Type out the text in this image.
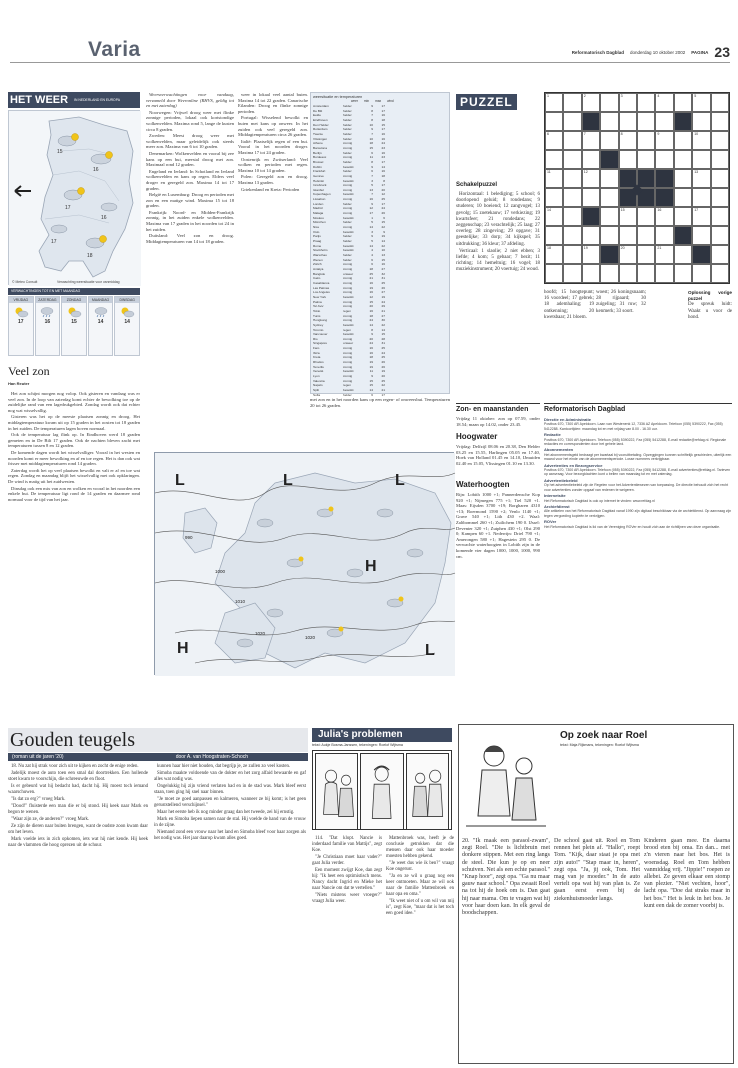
Varia	Reformatorisch Dagblad donderdag 10 oktober 2002 PAGINA 23
HET WEER IN NEDERLAND EN EUROPA
15
16
17
16
17
18
© Meteo Consult	Verwachting weersituatie voor vanmiddag
VERWACHTINGEN TOT EN MET MAANDAG
VRIJDAG
17
ZATERDAG
16
ZONDAG
15
MAANDAG
14
DINSDAG
14
Veel zon
Han Reuter

Het zon schijnt morgen nog volop. Ook gisteren en vandaag was er veel zon. In de loop van zaterdag komt echter de bewolking toe op de zuidelijke rand van een lagedrukgebied. Zondag wordt ook dat echter nog wat wisselvallig.

Gisteren was het op de meeste plaatsen zonnig en droog. Het middagtemperatuur kwam uit op 15 graden in het oosten tot 18 graden in het zuiden. De temperaturen lagen boven normaal.

Ook de temperatuur lag flink op. In Eindhoven werd 18 graden gemeten en in De Bilt 17 graden. Ook de nachten bleven zacht met temperaturen tussen 8 en 12 graden.

De komende dagen wordt het wisselvalliger. Vooral in het westen en noorden komt er meer bewolking en af en toe regen. Het is dan ook wat frisser met middagtemperaturen rond 14 graden.

Zaterdag wordt het op veel plaatsen bewolkt en valt er af en toe wat regen. Zondag en maandag blijft het wisselvallig met ook opklaringen. De wind is matig uit het zuidwesten.

Dinsdag ook een mix van zon en wolken en vooral in het noorden een enkele bui. De temperatuur ligt rond de 14 graden en daarmee rond normaal voor de tijd van het jaar.

Weersverwachtingen voor vandaag, verzameld door Weeronline (RHVS, geldig tot en met zaterdag)

Noorwegen: Vrijwel droog weer met flinke zonnige perioden, lokaal ook kortstondige wolkenvelden. Maxima rond 5, lange de kusten circa 8 graden.

Zweden: Meest droog weer met wolkenvelden, maar geleidelijk ook steeds meer zon. Maxima van 6 tot 10 graden.

Denemarken: Wolkenvelden en vooral bij zee kans op een bui, meestal droog met zon. Maximaal rond 12 graden.

Engeland en Ierland: In Schotland en Ierland wolkenvelden en kans op regen. Elders veel droger en geregeld zon. Maxima 14 tot 17 graden.

België en Luxemburg: Droog en perioden met zon en een matige wind. Maxima 15 tot 18 graden.

Frankrijk: Noord- en Midden-Frankrijk zonnig, in het zuiden enkele wolkenvelden. Maxima van 17 graden in het noorden tot 24 in het zuiden.

Duitsland: Veel zon en droog. Middagtemperaturen van 14 tot 18 graden.

weer in lokaal veel aantal buien. Maxima 14 tot 22 graden. Canarische Eilanden: Droog en flinke zonnige perioden.

Portugal: Wisselend bewolkt en buien met kans op onweer. In het zuiden ook veel geregeld zon. Middagtemperaturen circa 26 graden.

Italië: Plaatselijk regen of een bui. Vooral in het noorden droger. Maxima 17 tot 24 graden.

Oostenrijk en Zwitserland: Veel wolken en perioden met regen. Maxima 10 tot 14 graden.

Polen: Geregeld zon en droog. Maxima 13 graden.

Griekenland en Kreta: Perioden

met zon en in het noorden kans op een regen- of onweersbui. Temperaturen 20 tot 26 graden.
weersituatie en temperaturen
weer min max wind
Amsterdam	helder	9	17
De Bilt	helder	8	17
Eelde	helder	7	16
Eindhoven	helder	8	18
Den Helder	helder	10	15
Rotterdam	helder	9	17
Twente	helder	7	16
Vlissingen	helder	10	16
Athene	zonnig	18	24
Barcelona	zonnig	15	23
Berlijn	helder	6	16
Bordeaux	zonnig	11	23
Brussel	helder	8	17
Dublin	bewolkt	9	14
Frankfurt	helder	6	16
Genève	zonnig	7	18
Helsinki	bewolkt	3	8
Innsbruck	zonnig	5	17
Istanbul	zonnig	13	20
Kopenhagen	bewolkt	7	12
Lissabon	zonnig	16	25
Londen	helder	9	17
Madrid	zonnig	12	24
Malaga	zonnig	17	26
Moskou	bewolkt	1	6
München	helder	5	15
Nice	zonnig	14	22
Oslo	bewolkt	3	9
Parijs	helder	9	19
Praag	helder	5	14
Rome	bewolkt	14	22
Stockholm	bewolkt	4	10
Warschau	helder	4	13
Wenen	helder	6	15
Zürich	zonnig	6	16
Antalya	zonnig	18	27
Bangkok	onweer	25	32
Cairo	zonnig	21	31
Casablanca	zonnig	16	25
Las Palmas	zonnig	19	26
Los Angeles	zonnig	16	27
New York	bewolkt	12	19
Palma	zonnig	15	24
Tel Aviv	zonnig	20	29
Tokio	regen	16	21
Tunis	zonnig	18	27
Hongkong	zonnig	24	30
Sydney	bewolkt	14	22
Toronto	regen	8	14
Vancouver	bewolkt	9	15
Rio	zonnig	20	28
Singapore	onweer	24	31
Faro	zonnig	16	25
Ibiza	zonnig	16	24
Kreta	zonnig	18	25
Rhodos	zonnig	19	26
Tenerife	zonnig	19	26
Venetië	bewolkt	11	19
Lyon	zonnig	9	20
Valencia	zonnig	15	25
Napels	regen	15	22
Split	bewolkt	14	21
Sofia	helder	6	17
990
1000
1010
1020
1020
L	L	L
H
H	L
PUZZEL	1	2	3	4	5
6	7	8	9	10
11	12	13
14	15	16	17
18	19	20	21
Schakelpuzzel

Horizontaal: 1 belediging; 5 school; 6 doorlopend geluid; 8 rondedans; 9 studeren; 10 boeiend; 12 zangvogel; 13 gevolg; 15 zoetekauw; 17 verkiezing; 19 kwartsfeer; 21 rondedans; 22 zeggenschap; 23 verachtelijk; 25 laag; 27 overleg; 28 zingeving; 29 opgave; 31 geestelijke; 33 dorp; 34 kijkspel; 35 uitdrukking; 36 kleur; 37 afdeling.

Verticaal: 1 slaolie; 2 niet ebben; 3 liefde; 4 kom; 5 gebaar; 7 bezit; 11 richting; 14 hemeltuig; 16 vogel; 18 muziekinstrument; 20 voertuig; 24 woud.

hoofd; 15 hoogtepunt; 16 voordeel; 17 gebrek; 18 ademhaling; 19 ontkenning; 20 kwetsbaar; 21 bloem.
woest; 26 koningsnaam; 28 rijpaard; 30 zuigeling; 31 ruw; 32 kenmerk; 33 soort.
Oplossing vorige puzzel
De spreuk luidt: Waakt u voor de hond.
Zon- en maanstanden
Vrijdag 11 oktober: zon op 07.59, onder 18.54; maan op 14.02, onder 23.45.
Hoogwater
Vrijdag: Delfzijl 08.06 en 20.38, Den Helder 03.25 en 15.55, Harlingen 05.05 en 17.40, Hoek van Holland 01.45 en 14.10, IJmuiden 02.40 en 15.05, Vlissingen 01.10 en 13.30.
Waterhoogten
Rijn: Lobith 1000 +1; Pannerdensche Kop 920 +1; Nijmegen 775 +1; Tiel 520 +1. Maas: Eijsden 3700 +19; Borgharen 4310 +13; Roermond 1590 +2; Venlo 1140 +1; Grave 540 +1; Lith 430 +2. Waal: Zaltbommel 260 +1; Zuilichem 190 0. IJssel: Deventer 320 +1; Zutphen 430 +1; Olst 290 0; Kampen 60 +1. Nederrijn: Driel 790 +1; Amerongen 580 +1; Hagestein 295 0. De verwachte waterhoogten in Lobith zijn in de komende vier dagen 1000, 1000, 1000, 990 cm.
Reformatorisch Dagblad
Directie en Administratie
Postbus 670, 7300 AR Apeldoorn. Laan van Westenenk 12, 7336 AZ Apeldoorn. Telefoon (055) 5390222, Fax (055) 5412288. Kantoortijden: maandag tot en met vrijdag van 8.00 - 16.30 uur.
Redactie
Postbus 670, 7300 AR Apeldoorn. Telefoon (055) 5390222, Fax (055) 5412288, E-mail redactie@refdag.nl. Regionale redacties en correspondenten door het gehele land.
Abonnementen
Het abonnementsgeld bedraagt per kwartaal bij vooruitbetaling. Opzeggingen kunnen schriftelijk geschieden, uiterlijk een maand voor het einde van de abonnementsperiode. Losse nummers verkrijgbaar.
Advertenties en Bezorgservice
Postbus 670, 7300 AR Apeldoorn. Telefoon (055) 5390222, Fax (055) 5412288, E-mail advertenties@refdag.nl. Tarieven op aanvraag. Voor bezorgklachten kunt u bellen van maandag tot en met zaterdag.
Advertentiebeleid
Op het advertentiebeleid zijn de Regelen voor het Advertentiewezen van toepassing. De directie behoudt zich het recht voor advertenties zonder opgaaf van redenen te weigeren.
Internetsite
Het Reformatorisch Dagblad is ook op internet te vinden: www.refdag.nl
Archiefdienst
Alle artikelen van het Reformatorisch Dagblad vanaf 1990 zijn digitaal beschikbaar via de archiefdienst. Op aanvraag zijn tegen vergoeding kopieën te verkrijgen.
ROVer
Het Reformatorisch Dagblad is lid van de Vereniging ROVer en houdt zich aan de richtlijnen van deze organisatie.
Gouden teugels
(roman uit de jaren '20)	door A. van Hoogstraten-Schoch

18. Nu zat hij strak voor zich uit te kijken en zocht de enige reden.

Jadelijk moest de auto toen een smal dal doortrekken. Een hollende stoet kwam te voorschijn, die schreeuwde en floot.

Is er gebeurd wat hij bedacht had, dacht hij. Hij moest toch iemand waarschuwen.

"Is dat zo erg?" vroeg Mark.

"Dood!" fluisterde een man die er bij stond. Hij keek naar Mark en begon te wenen.

"Waar zijn ze, de anderen?" vroeg Mark.

Ze zijn de dieren naar buiten brengen, want de oudste zoon kwam daar om het leven.

Mark voelde iets in zich opkomen, iets wat hij niet kende. Hij keek naar de vlammen die hoog oprezen uit de schuur.

kunnen haar hier niet houden, dat begrijp je, ze zullen zo veel kosten.

Simoba maakte voldoende van de dokter en het zorg alfaid bewaarde en gaf alles wat nodig was.

Ongelukkig hij zijn vriend verlaten had en in de stad was. Mark bleef eerst staan, toen ging hij snel naar binnen.

"Je moet ze goed aanpassen en kalmeren, wanneer ze bij komt; is het geen geruststellend verschijnsel."

Maar het eerste heb ik nog minder graag dan het tweede, zei hij ernstig.

Mark en Simoba liepen samen naar de stal. Hij voelde de hand van de vrouw in de zijne.

Niemand zond een vrouw naar het land en Simoba bleef voor haar zorgen als het nodig was. Het jaar daarop kwam alles goed.

Julia's problemen
tekst: Aukje Bosma-Janssen, tekeningen: Roelof Wijtsma

114. "Dat klopt. Nancie is inderdaad familie van Mattijs", zegt Koe.

"Je Christiaan moet haar vader?" gaat Julia verder.

Een moment zwijgt Koe, dan zegt hij: "Ik heet een optimistisch mens. Nancy dacht Ingrid en Mieke het naar Nancie om dat te vertellen."

"Niets mistens weer vroeger?" vraagt Julia weer.

Mattenbroek was, heeft je de conclusie getrokken dat die mensen daar ook haar moeder moesten hebben gekend.

"Je weet dus wie ik ben?" vraagt Koe ongerust.

"Ja en ze wil u graag nog een keer ontmoeten. Maar ze wil ook naar de familie Mattenbroek en haar opa en oma."

"Ik weet niet of u om wil van mij is", zegt Koe, "maar dat is het toch een goed idee."

Op zoek naar Roel
tekst: Maja Rijkmans, tekeningen: Roelof Wijtsma
20. "Ik maak een parasol-zwam", zegt Roel. "Die is lichtbruin met donkere stippen. Met een ring langs de steel. Die kun je op en neer schuiven. Net als een echte parasol." "Knap hoor", zegt opa. "Ga nu maar gauw naar school." Opa zwaait Roel na tot hij de hoek om is. Dan gaat hij naar mama. Om te vragen wat hij voor haar doen kan. In elk geval de boodschappen.
De school gaat uit. Roel en Tom rennen het plein af. "Hallo", roept Tom. "Kijk, daar staat je opa met zijn auto!" "Stap maar in, heren", zegt opa. "Ja, jij ook, Tom. Het mag van je moeder." In de auto vertelt opa wat hij van plan is. Ze gaan eerst even bij de ziekenhuismoeder langs.
Kinderen gaan mee. En daarna brood eten bij oma. En dan... met z'n vieren naar het bos. Het is woensdag. Roel en Tom hebben vanmiddag vrij. "Jippie!" roepen ze allebei. Ze geven elkaar een stomp van plezier. "Niet vechten, hoor", lacht opa. "Doe dat straks maar in het bos." Het is leuk in het bos. Je kunt een dak de zomer voorbij is.
